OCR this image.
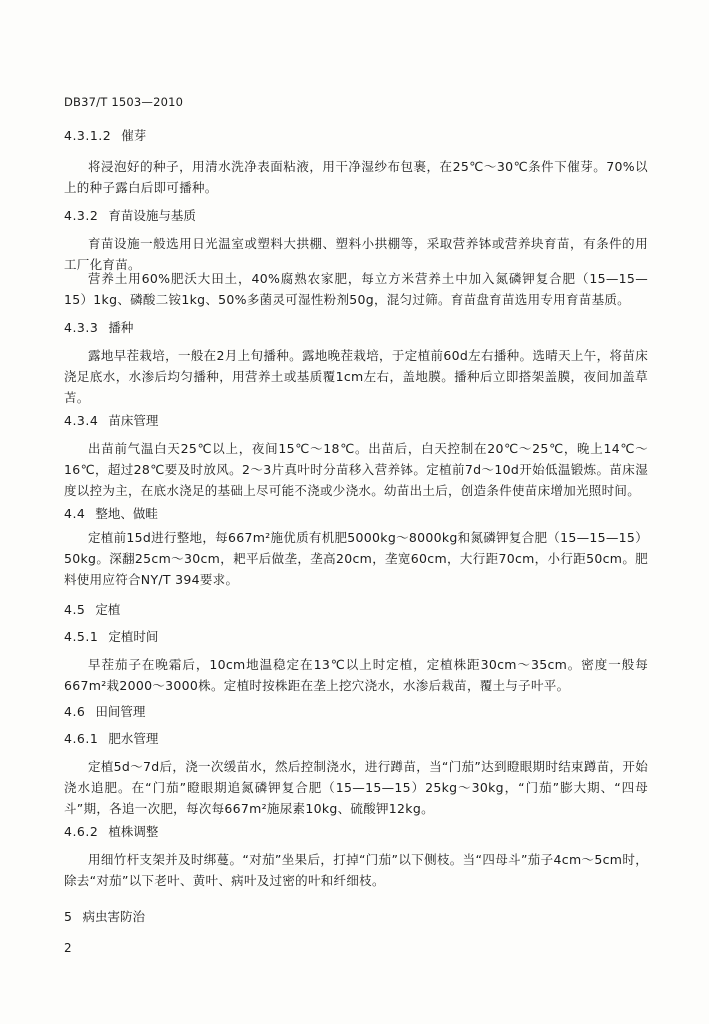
DB37/T 1503—2010
4.3.1.2 催芽
将浸泡好的种子，用清水洗净表面粘液，用干净湿纱布包裹，在25℃～30℃条件下催芽。70%以上的种子露白后即可播种。
4.3.2 育苗设施与基质
育苗设施一般选用日光温室或塑料大拱棚、塑料小拱棚等，采取营养钵或营养块育苗，有条件的用工厂化育苗。
营养土用60%肥沃大田土，40%腐熟农家肥，每立方米营养土中加入氮磷钾复合肥（15—15—15）1kg、磷酸二铵1kg、50%多菌灵可湿性粉剂50g，混匀过筛。育苗盘育苗选用专用育苗基质。
4.3.3 播种
露地早茬栽培，一般在2月上旬播种。露地晚茬栽培，于定植前60d左右播种。选晴天上午，将苗床浇足底水，水渗后均匀播种，用营养土或基质覆1cm左右，盖地膜。播种后立即搭架盖膜，夜间加盖草苫。
4.3.4 苗床管理
出苗前气温白天25℃以上，夜间15℃～18℃。出苗后，白天控制在20℃～25℃，晚上14℃～16℃，超过28℃要及时放风。2～3片真叶时分苗移入营养钵。定植前7d～10d开始低温锻炼。苗床湿度以控为主，在底水浇足的基础上尽可能不浇或少浇水。幼苗出土后，创造条件使苗床增加光照时间。
4.4 整地、做畦
定植前15d进行整地，每667m²施优质有机肥5000kg～8000kg和氮磷钾复合肥（15—15—15）50kg。深翻25cm～30cm，耙平后做垄，垄高20cm，垄宽60cm，大行距70cm，小行距50cm。肥料使用应符合NY/T 394要求。
4.5 定植
4.5.1 定植时间
早茬茄子在晚霜后，10cm地温稳定在13℃以上时定植，定植株距30cm～35cm。密度一般每667m²栽2000～3000株。定植时按株距在垄上挖穴浇水，水渗后栽苗，覆土与子叶平。
4.6 田间管理
4.6.1 肥水管理
定植5d～7d后，浇一次缓苗水，然后控制浇水，进行蹲苗，当“门茄”达到瞪眼期时结束蹲苗，开始浇水追肥。在“门茄”瞪眼期追氮磷钾复合肥（15—15—15）25kg～30kg，“门茄”膨大期、“四母斗”期，各追一次肥，每次每667m²施尿素10kg、硫酸钾12kg。
4.6.2 植株调整
用细竹杆支架并及时绑蔓。“对茄”坐果后，打掉“门茄”以下侧枝。当“四母斗”茄子4cm～5cm时，除去“对茄”以下老叶、黄叶、病叶及过密的叶和纤细枝。
5 病虫害防治
2
